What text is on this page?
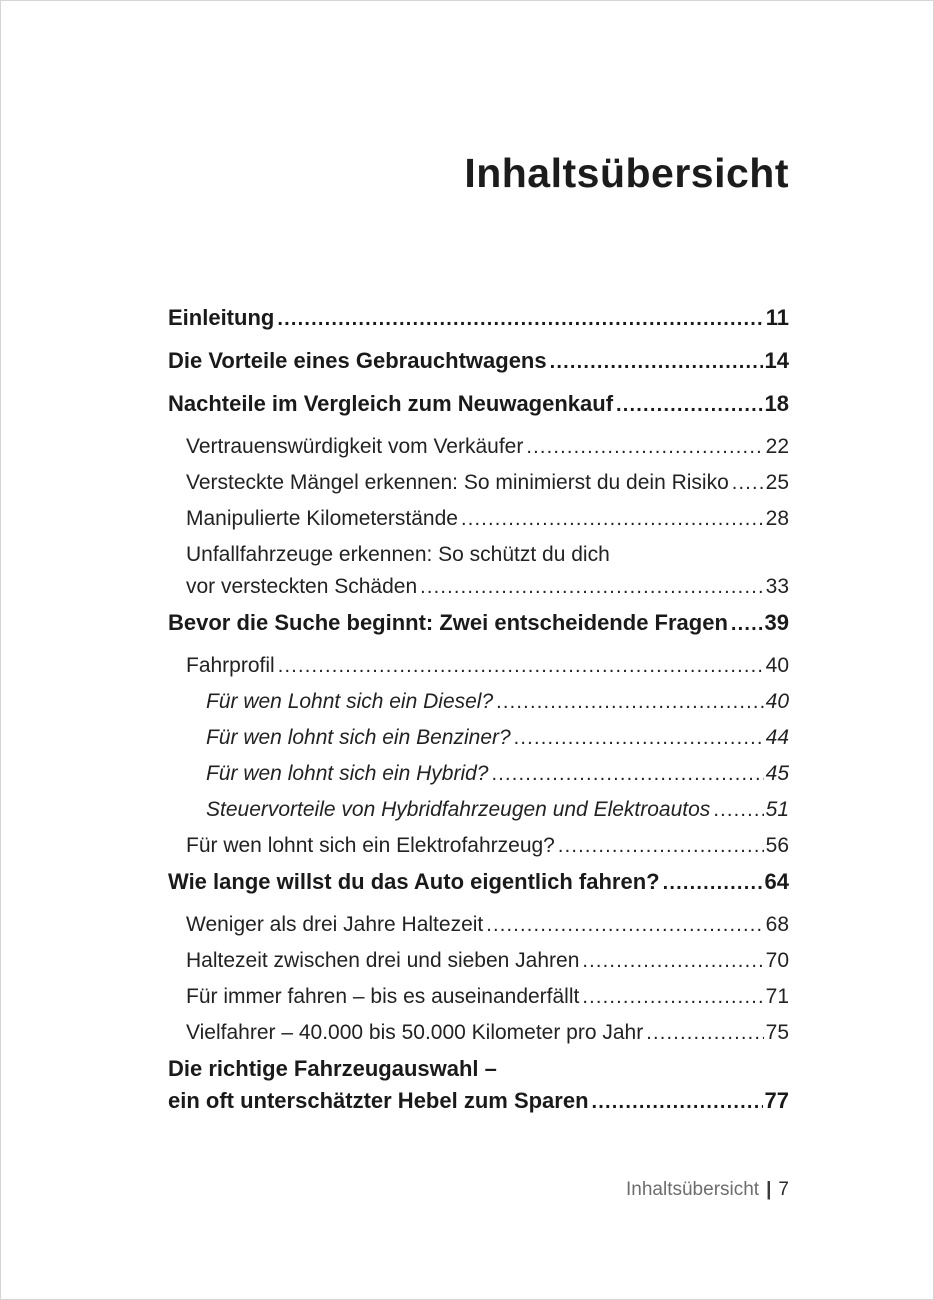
Inhaltsübersicht
Einleitung .....	11
Die Vorteile eines Gebrauchtwagens .....	14
Nachteile im Vergleich zum Neuwagenkauf .....	18
Vertrauenswürdigkeit vom Verkäufer .....	22
Versteckte Mängel erkennen: So minimierst du dein Risiko ..... 25
Manipulierte Kilometerstände .....	28
Unfallfahrzeuge erkennen: So schützt du dich
vor versteckten Schäden .....	33
Bevor die Suche beginnt: Zwei entscheidende Fragen ..... 39
Fahrprofil .....	40
Für wen Lohnt sich ein Diesel? .....	40
Für wen lohnt sich ein Benziner? .....	44
Für wen lohnt sich ein Hybrid? .....	45
Steuervorteile von Hybridfahrzeugen und Elektroautos .....	51
Für wen lohnt sich ein Elektrofahrzeug? .....	56
Wie lange willst du das Auto eigentlich fahren? .....	64
Weniger als drei Jahre Haltezeit .....	68
Haltezeit zwischen drei und sieben Jahren .....	70
Für immer fahren – bis es auseinanderfällt .....	71
Vielfahrer – 40.000 bis 50.000 Kilometer pro Jahr .....	75
Die richtige Fahrzeugauswahl –
ein oft unterschätzter Hebel zum Sparen .....	77
Inhaltsübersicht | 7
